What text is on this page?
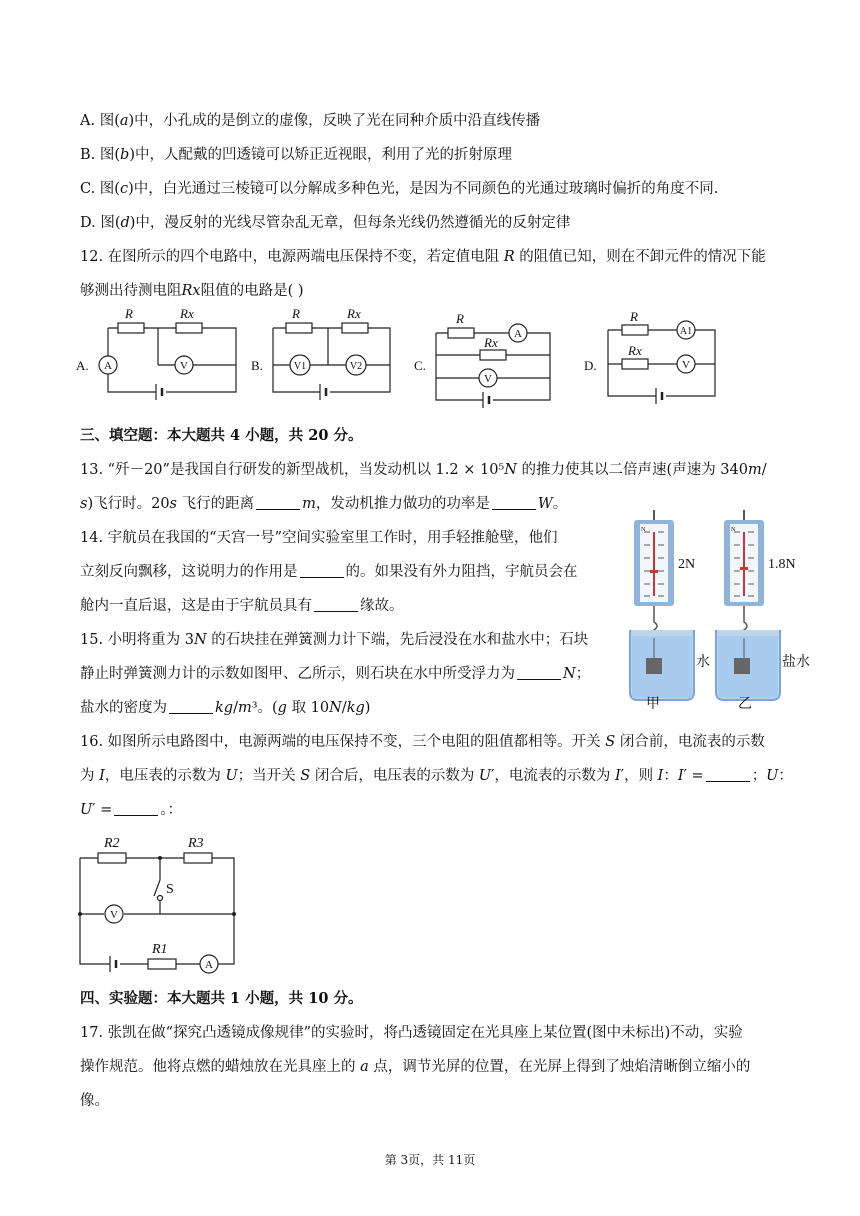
A. 图(𝑎)中，小孔成的是倒立的虚像，反映了光在同种介质中沿直线传播
B. 图(𝑏)中，人配戴的凹透镜可以矫正近视眼，利用了光的折射原理
C. 图(𝑐)中，白光通过三棱镜可以分解成多种色光，是因为不同颜色的光通过玻璃时偏折的角度不同.
D. 图(𝑑)中，漫反射的光线尽管杂乱无章，但每条光线仍然遵循光的反射定律
12. 在图所示的四个电路中，电源两端电压保持不变，若定值电阻 𝑅 的阻值已知，则在不卸元件的情况下能
够测出待测电阻𝑅𝑥阻值的电路是( )
A.	B.	C.	D.
R	Rx	R	Rx	R
Rx
R
Rx
A	V	V1	V2
A
V
A1
V
三、填空题：本大题共 4 小题，共 20 分。
13. “歼－20”是我国自行研发的新型战机，当发动机以 1.2 × 10⁵𝑁 的推力使其以二倍声速(声速为 340𝑚/
𝑠)飞行时。20𝑠 飞行的距离	𝑚，发动机推力做功的功率是	𝑊。
14. 宇航员在我国的“天宫一号”空间实验室里工作时，用手轻推舱壁，他们
立刻反向飘移，这说明力的作用是	的。如果没有外力阻挡，宇航员会在
舱内一直后退，这是由于宇航员具有	缘故。
15. 小明将重为 3𝑁 的石块挂在弹簧测力计下端，先后浸没在水和盐水中；石块
静止时弹簧测力计的示数如图甲、乙所示，则石块在水中所受浮力为	𝑁；
盐水的密度为	𝑘𝑔/𝑚³。(𝑔 取 10𝑁/𝑘𝑔)
N	N
2N	1.8N
水	盐水
甲	乙
16. 如图所示电路图中，电源两端的电压保持不变，三个电阻的阻值都相等。开关 𝑆 闭合前，电流表的示数
为 𝐼，电压表的示数为 𝑈；当开关 𝑆 闭合后，电压表的示数为 𝑈′，电流表的示数为 𝐼′，则 𝐼：𝐼′ =	；𝑈：
𝑈′ =	。：
R2	R3
R1
S
V
A
四、实验题：本大题共 1 小题，共 10 分。
17. 张凯在做“探究凸透镜成像规律”的实验时，将凸透镜固定在光具座上某位置(图中未标出)不动，实验
操作规范。他将点燃的蜡烛放在光具座上的 𝑎 点，调节光屏的位置，在光屏上得到了烛焰清晰倒立缩小的
像。
第 3页，共 11页
